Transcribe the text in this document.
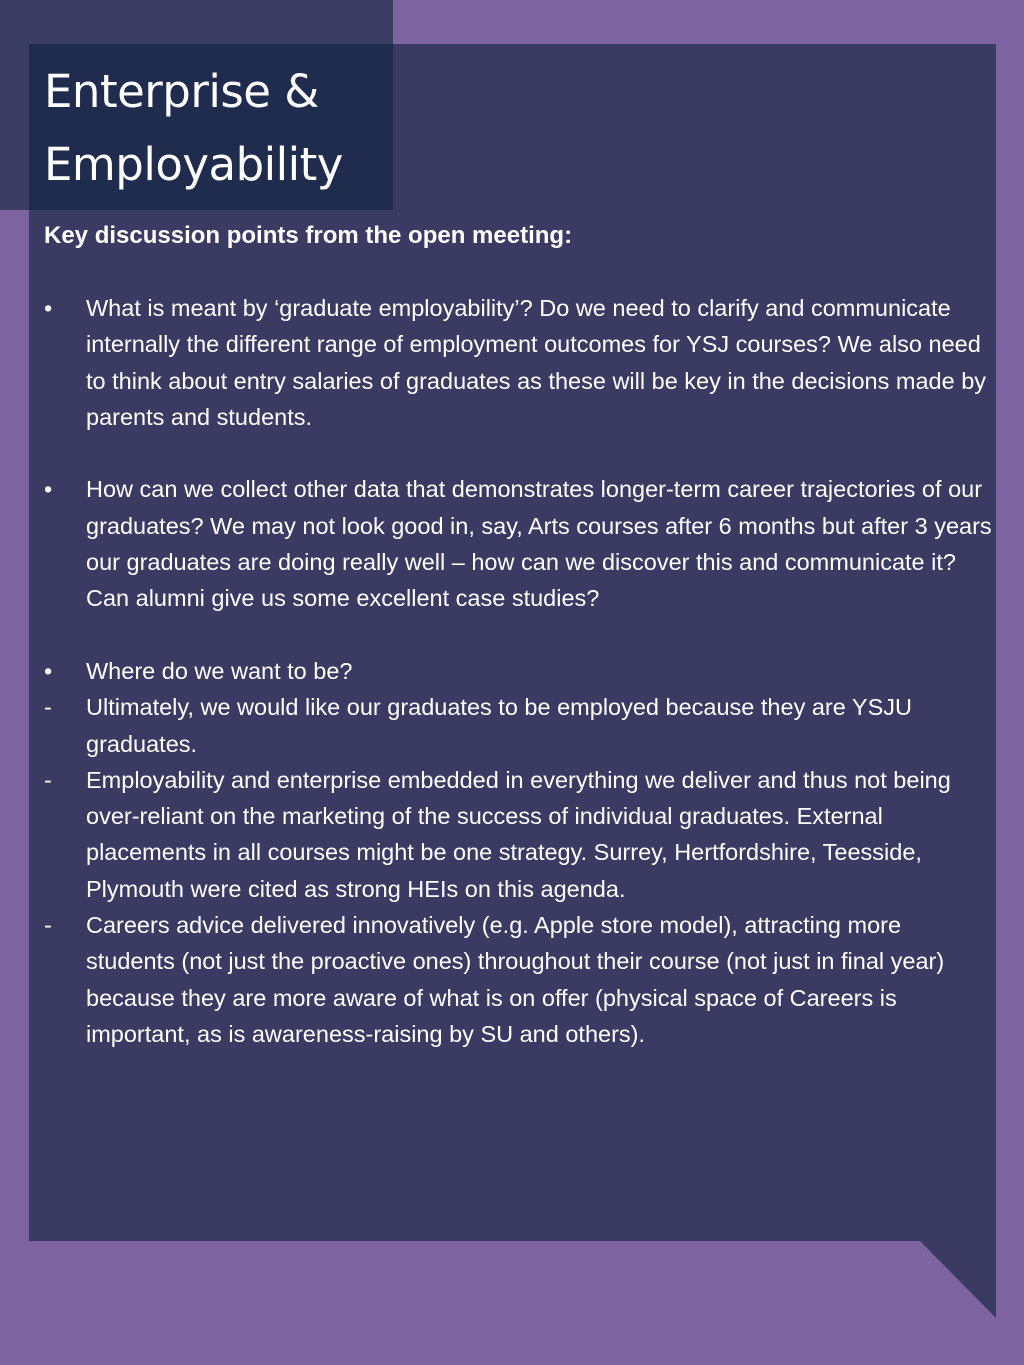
Enterprise &
Employability

Key discussion points from the open meeting:

•	What is meant by ‘graduate employability’? Do we need to clarify and communicate internally the different range of employment outcomes for YSJ courses? We also need to think about entry salaries of graduates as these will be key in the decisions made by parents and students.
•	How can we collect other data that demonstrates longer-term career trajectories of our graduates? We may not look good in, say, Arts courses after 6 months but after 3 years our graduates are doing really well – how can we discover this and communicate it? Can alumni give us some excellent case studies?
•	Where do we want to be?
-	Ultimately, we would like our graduates to be employed because they are YSJU graduates.
-	Employability and enterprise embedded in everything we deliver and thus not being over-reliant on the marketing of the success of individual graduates. External placements in all courses might be one strategy. Surrey, Hertfordshire, Teesside, Plymouth were cited as strong HEIs on this agenda.
-	Careers advice delivered innovatively (e.g. Apple store model), attracting more students (not just the proactive ones) throughout their course (not just in final year) because they are more aware of what is on offer (physical space of Careers is important, as is awareness-raising by SU and others).
